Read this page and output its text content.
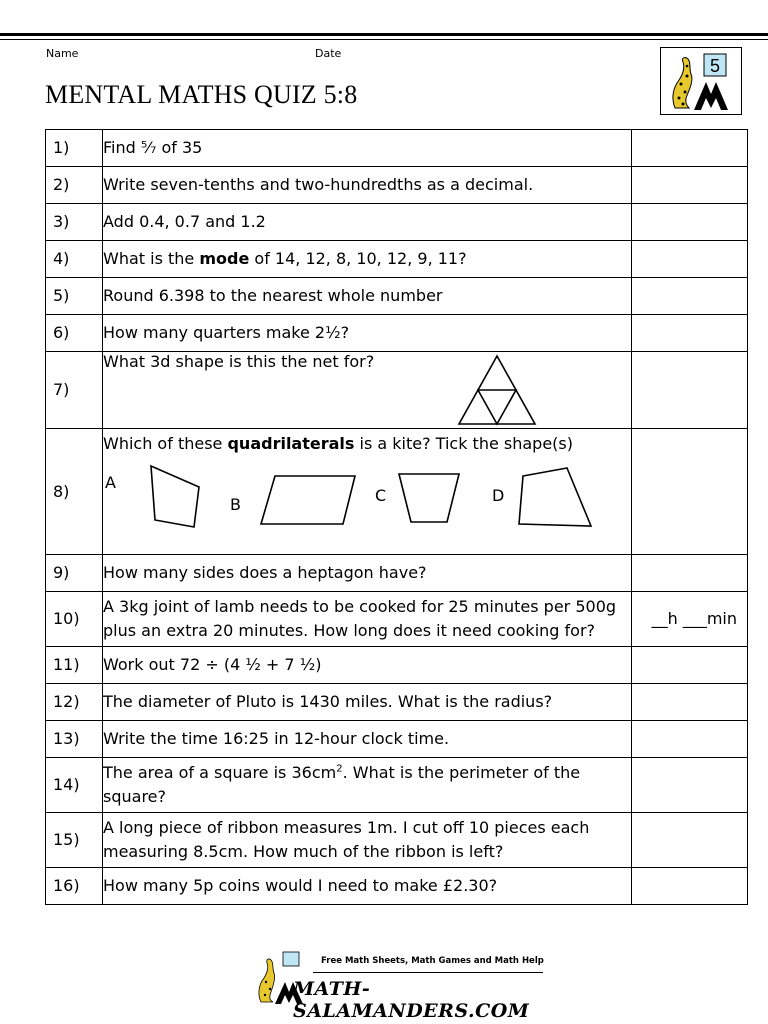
Name	Date
MENTAL MATHS QUIZ 5:8
5
1)	Find ⁵⁄₇ of 35	
2)	Write seven-tenths and two-hundredths as a decimal.	
3)	Add 0.4, 0.7 and 1.2	
4)	What is the mode of 14, 12, 8, 10, 12, 9, 11?	
5)	Round 6.398 to the nearest whole number	
6)	How many quarters make 2½?	
7)	What 3d shape is this the net for?	

8)	Which of these quadrilaterals is a kite? Tick the shape(s)
A
B C D	

9)	How many sides does a heptagon have?	
10)	A 3kg joint of lamb needs to be cooked for 25 minutes per 500g
plus an extra 20 minutes. How long does it need cooking for?	__h ___min
11)	Work out 72 ÷ (4 ½ + 7 ½)	
12)	The diameter of Pluto is 1430 miles. What is the radius?	
13)	Write the time 16:25 in 12-hour clock time.	
14)	The area of a square is $36cm^2$. What is the perimeter of the
square?	

15)	A long piece of ribbon measures 1m. I cut off 10 pieces each
measuring 8.5cm. How much of the ribbon is left?	

16)	How many 5p coins would I need to make £2.30?	
Free Math Sheets, Math Games and Math Help
MATH-SALAMANDERS.COM
